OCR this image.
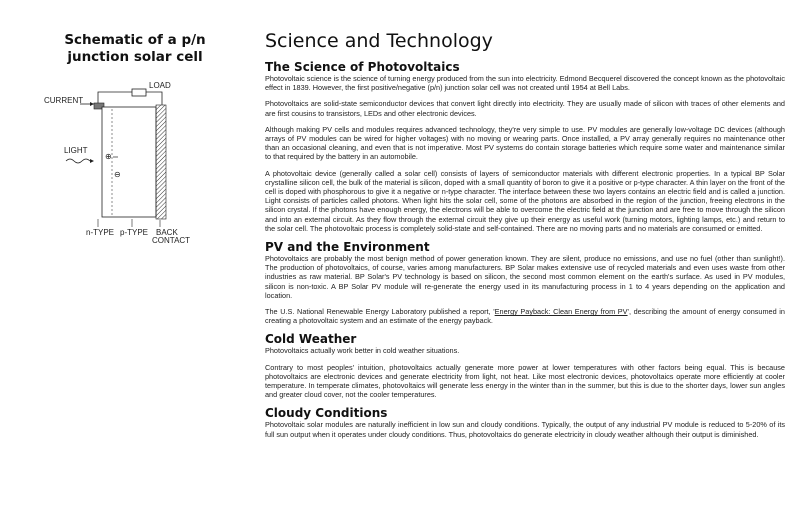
Schematic of a p/n
junction solar cell
⊕
⊖
CURRENT
LOAD
LIGHT
n-TYPE p-TYPE BACK
CONTACT
Science and Technology
The Science of Photovoltaics

Photovoltaic science is the science of turning energy produced from the sun into electricity. Edmond Becquerel discovered the concept known as the photovoltaic effect in 1839. However, the first positive/negative (p/n) junction solar cell was not created until 1954 at Bell Labs.

Photovoltaics are solid-state semiconductor devices that convert light directly into electricity. They are usually made of silicon with traces of other elements and are first cousins to transistors, LEDs and other electronic devices.

Although making PV cells and modules requires advanced technology, they're very simple to use. PV modules are generally low-voltage DC devices (although arrays of PV modules can be wired for higher voltages) with no moving or wearing parts. Once installed, a PV array generally requires no maintenance other than an occasional cleaning, and even that is not imperative. Most PV systems do contain storage batteries which require some water and maintenance similar to that required by the battery in an automobile.

A photovoltaic device (generally called a solar cell) consists of layers of semiconductor materials with different electronic properties. In a typical BP Solar crystalline silicon cell, the bulk of the material is silicon, doped with a small quantity of boron to give it a positive or p-type character. A thin layer on the front of the cell is doped with phosphorous to give it a negative or n-type character. The interface between these two layers contains an electric field and is called a junction. Light consists of particles called photons. When light hits the solar cell, some of the photons are absorbed in the region of the junction, freeing electrons in the silicon crystal. If the photons have enough energy, the electrons will be able to overcome the electric field at the junction and are free to move through the silicon and into an external circuit. As they flow through the external circuit they give up their energy as useful work (turning motors, lighting lamps, etc.) and return to the solar cell. The photovoltaic process is completely solid-state and self-contained. There are no moving parts and no materials are consumed or emitted.

PV and the Environment

Photovoltaics are probably the most benign method of power generation known. They are silent, produce no emissions, and use no fuel (other than sunlight!). The production of photovoltaics, of course, varies among manufacturers. BP Solar makes extensive use of recycled materials and even uses waste from other industries as raw material. BP Solar's PV technology is based on silicon, the second most common element on the earth's surface. As used in PV modules, silicon is non-toxic. A BP Solar PV module will re-generate the energy used in its manufacturing process in 1 to 4 years depending on the application and location.

The U.S. National Renewable Energy Laboratory published a report, 'Energy Payback: Clean Energy from PV', describing the amount of energy consumed in creating a photovoltaic system and an estimate of the energy payback.

Cold Weather

Photovoltaics actually work better in cold weather situations.

Contrary to most peoples' intuition, photovoltaics actually generate more power at lower temperatures with other factors being equal. This is because photovoltaics are electronic devices and generate electricity from light, not heat. Like most electronic devices, photovoltaics operate more efficiently at cooler temperature. In temperate climates, photovoltaics will generate less energy in the winter than in the summer, but this is due to the shorter days, lower sun angles and greater cloud cover, not the cooler temperatures.

Cloudy Conditions

Photovoltaic solar modules are naturally inefficient in low sun and cloudy conditions. Typically, the output of any industrial PV module is reduced to 5-20% of its full sun output when it operates under cloudy conditions. Thus, photovoltaics do generate electricity in cloudy weather although their output is diminished.
